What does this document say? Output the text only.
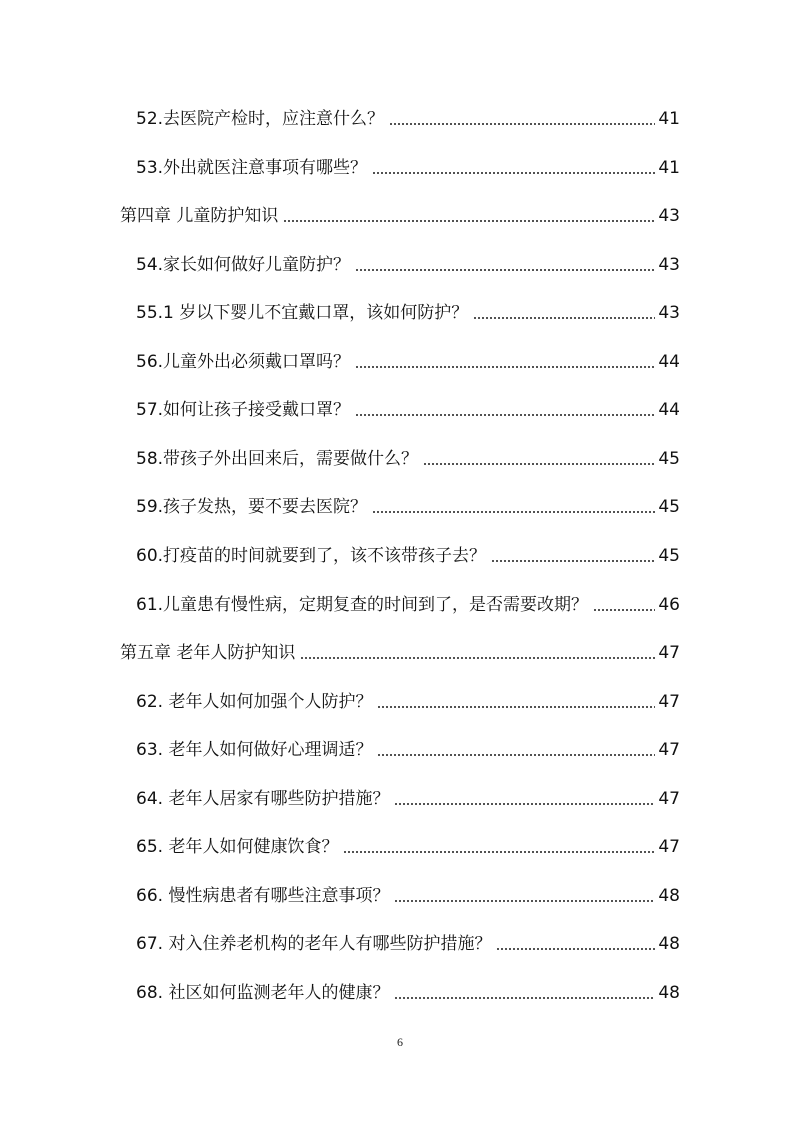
52.去医院产检时，应注意什么？	41
53.外出就医注意事项有哪些？	41
第四章 儿童防护知识	43
54.家长如何做好儿童防护？	43
55.1 岁以下婴儿不宜戴口罩，该如何防护？	43
56.儿童外出必须戴口罩吗？	44
57.如何让孩子接受戴口罩？	44
58.带孩子外出回来后，需要做什么？	45
59.孩子发热，要不要去医院？	45
60.打疫苗的时间就要到了，该不该带孩子去？	45
61.儿童患有慢性病，定期复查的时间到了，是否需要改期？	46
第五章 老年人防护知识	47
62. 老年人如何加强个人防护？	47
63. 老年人如何做好心理调适？	47
64. 老年人居家有哪些防护措施？	47
65. 老年人如何健康饮食？	47
66. 慢性病患者有哪些注意事项？	48
67. 对入住养老机构的老年人有哪些防护措施？	48
68. 社区如何监测老年人的健康？	48
6
